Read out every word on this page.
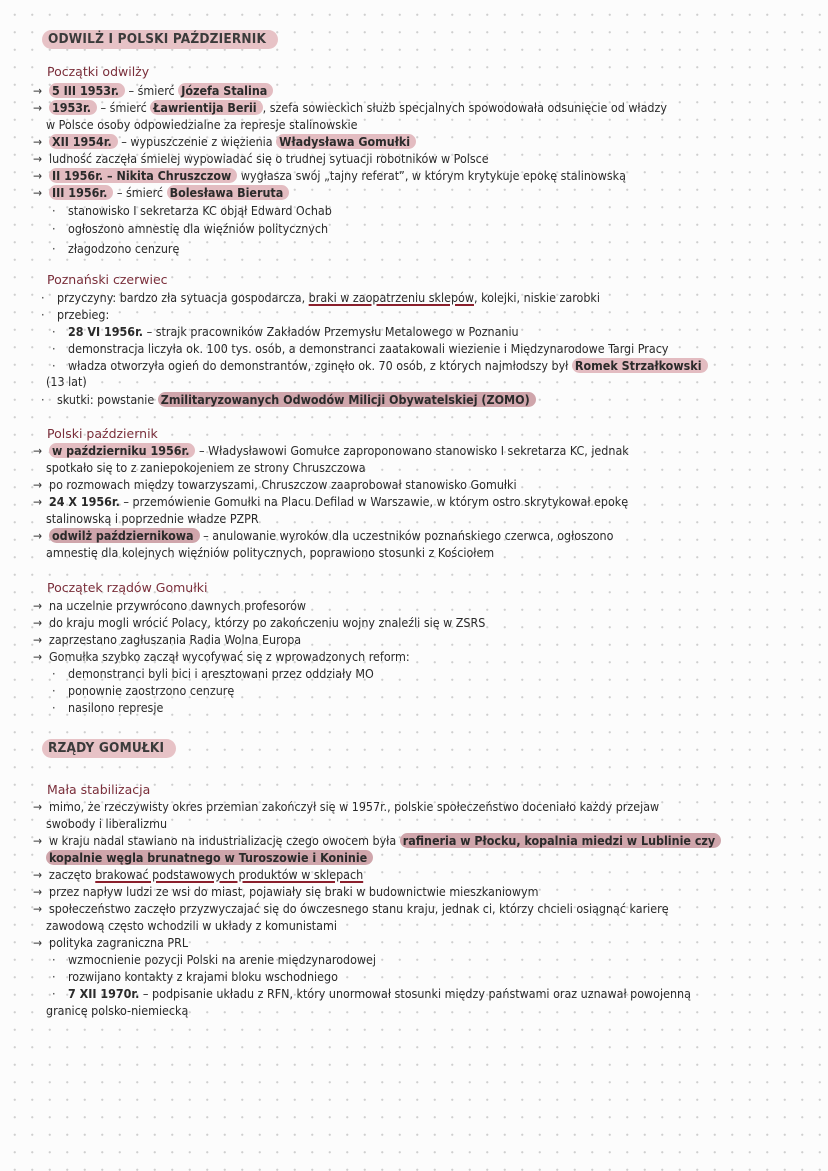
ODWILŻ I POLSKI PAŹDZIERNIK
Początki odwilży
→ 5 III 1953r. – śmierć Józefa Stalina
→ 1953r. – śmierć Ławrientija Berii , szefa sowieckich służb specjalnych spowodowała odsunięcie od władzy
w Polsce osoby odpowiedzialne za represje stalinowskie
→ XII 1954r. – wypuszczenie z więzienia Władysława Gomułki
→ ludność zaczęła śmielej wypowiadać się o trudnej sytuacji robotników w Polsce
→ II 1956r. – Nikita Chruszczow wygłasza swój „tajny referat”, w którym krytykuje epokę stalinowską
→ III 1956r. – śmierć Bolesława Bieruta
· stanowisko I sekretarza KC objął Edward Ochab
· ogłoszono amnestię dla więźniów politycznych
· złagodzono cenzurę
Poznański czerwiec
· przyczyny: bardzo zła sytuacja gospodarcza, braki w zaopatrzeniu sklepów, kolejki, niskie zarobki
· przebieg:
· 28 VI 1956r. – strajk pracowników Zakładów Przemysłu Metalowego w Poznaniu
· demonstracja liczyła ok. 100 tys. osób, a demonstranci zaatakowali wiezienie i Międzynarodowe Targi Pracy
· władza otworzyła ogień do demonstrantów, zginęło ok. 70 osób, z których najmłodszy był Romek Strzałkowski
(13 lat)
· skutki: powstanie Zmilitaryzowanych Odwodów Milicji Obywatelskiej (ZOMO)
Polski październik
→ w październiku 1956r. – Władysławowi Gomułce zaproponowano stanowisko I sekretarza KC, jednak
spotkało się to z zaniepokojeniem ze strony Chruszczowa
→ po rozmowach między towarzyszami, Chruszczow zaaprobował stanowisko Gomułki
→ 24 X 1956r. – przemówienie Gomułki na Placu Defilad w Warszawie, w którym ostro skrytykował epokę
stalinowską i poprzednie władze PZPR
→ odwilż październikowa – anulowanie wyroków dla uczestników poznańskiego czerwca, ogłoszono
amnestię dla kolejnych więźniów politycznych, poprawiono stosunki z Kościołem
Początek rządów Gomułki
→ na uczelnie przywrócono dawnych profesorów
→ do kraju mogli wrócić Polacy, którzy po zakończeniu wojny znaleźli się w ZSRS
→ zaprzestano zagłuszania Radia Wolna Europa
→ Gomułka szybko zaczął wycofywać się z wprowadzonych reform:
· demonstranci byli bici i aresztowani przez oddziały MO
· ponownie zaostrzono cenzurę
· nasilono represje
RZĄDY GOMUŁKI
Mała stabilizacja
→ mimo, że rzeczywisty okres przemian zakończył się w 1957r., polskie społeczeństwo doceniało każdy przejaw
swobody i liberalizmu
→ w kraju nadal stawiano na industrializację czego owocem była rafineria w Płocku, kopalnia miedzi w Lublinie czy
kopalnie węgla brunatnego w Turoszowie i Koninie
→ zaczęto brakować podstawowych produktów w sklepach
→ przez napływ ludzi ze wsi do miast, pojawiały się braki w budownictwie mieszkaniowym
→ społeczeństwo zaczęło przyzwyczajać się do ówczesnego stanu kraju, jednak ci, którzy chcieli osiągnąć karierę
zawodową często wchodzili w układy z komunistami
→ polityka zagraniczna PRL
· wzmocnienie pozycji Polski na arenie międzynarodowej
· rozwijano kontakty z krajami bloku wschodniego
· 7 XII 1970r. – podpisanie układu z RFN, który unormował stosunki między państwami oraz uznawał powojenną
granicę polsko-niemiecką
